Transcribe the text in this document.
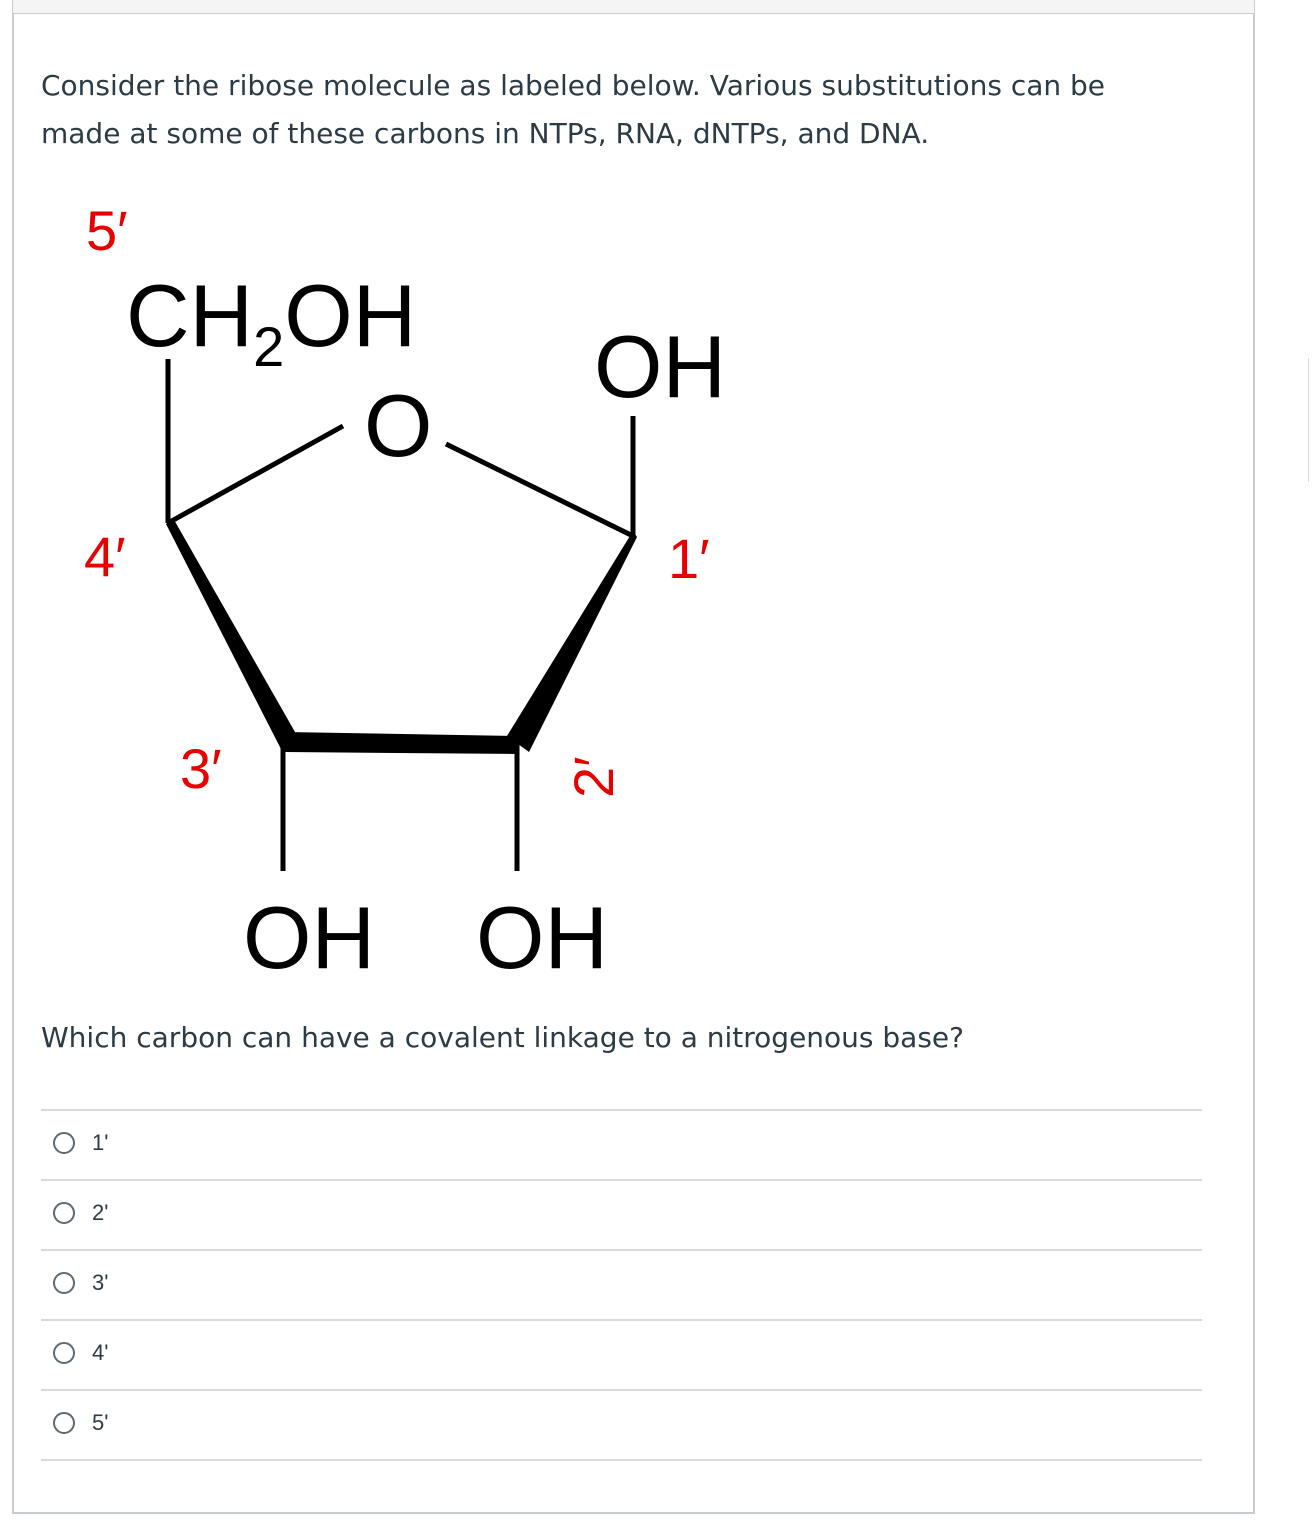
Consider the ribose molecule as labeled below. Various substitutions can be made at some of these carbons in NTPs, RNA, dNTPs, and DNA.

5′
4′	1′
3′	2′
$CH_2OH$
O
OH
OH OH

Which carbon can have a covalent linkage to a nitrogenous base?

1'
2'
3'
4'
5'
